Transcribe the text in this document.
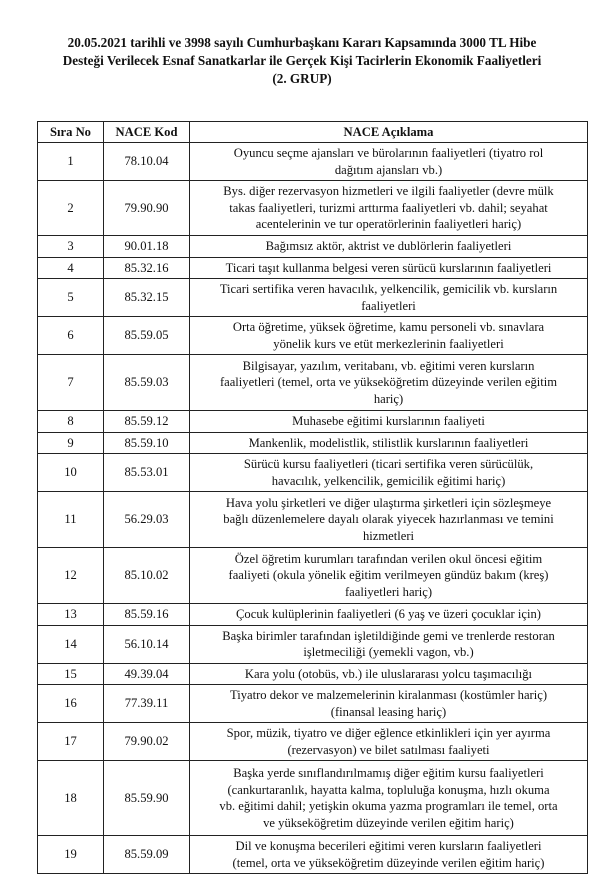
20.05.2021 tarihli ve 3998 sayılı Cumhurbaşkanı Kararı Kapsamında 3000 TL Hibe
Desteği Verilecek Esnaf Sanatkarlar ile Gerçek Kişi Tacirlerin Ekonomik Faaliyetleri
(2. GRUP)
Sıra No	NACE Kod	NACE Açıklama
1	78.10.04	Oyuncu seçme ajansları ve bürolarının faaliyetleri (tiyatro rol
dağıtım ajansları vb.)

2	79.90.90	Bys. diğer rezervasyon hizmetleri ve ilgili faaliyetler (devre mülk
takas faaliyetleri, turizmi arttırma faaliyetleri vb. dahil; seyahat
acentelerinin ve tur operatörlerinin faaliyetleri hariç)

3	90.01.18	Bağımsız aktör, aktrist ve dublörlerin faaliyetleri

4	85.32.16	Ticari taşıt kullanma belgesi veren sürücü kurslarının faaliyetleri

5	85.32.15	Ticari sertifika veren havacılık, yelkencilik, gemicilik vb. kursların
faaliyetleri

6	85.59.05	Orta öğretime, yüksek öğretime, kamu personeli vb. sınavlara
yönelik kurs ve etüt merkezlerinin faaliyetleri

7	85.59.03	Bilgisayar, yazılım, veritabanı, vb. eğitimi veren kursların
faaliyetleri (temel, orta ve yükseköğretim düzeyinde verilen eğitim
hariç)

8	85.59.12	Muhasebe eğitimi kurslarının faaliyeti

9	85.59.10	Mankenlik, modelistlik, stilistlik kurslarının faaliyetleri

10	85.53.01	Sürücü kursu faaliyetleri (ticari sertifika veren sürücülük,
havacılık, yelkencilik, gemicilik eğitimi hariç)

11	56.29.03	Hava yolu şirketleri ve diğer ulaştırma şirketleri için sözleşmeye
bağlı düzenlemelere dayalı olarak yiyecek hazırlanması ve temini
hizmetleri

12	85.10.02	Özel öğretim kurumları tarafından verilen okul öncesi eğitim
faaliyeti (okula yönelik eğitim verilmeyen gündüz bakım (kreş)
faaliyetleri hariç)

13	85.59.16	Çocuk kulüplerinin faaliyetleri (6 yaş ve üzeri çocuklar için)

14	56.10.14	Başka birimler tarafından işletildiğinde gemi ve trenlerde restoran
işletmeciliği (yemekli vagon, vb.)

15	49.39.04	Kara yolu (otobüs, vb.) ile uluslararası yolcu taşımacılığı

16	77.39.11	Tiyatro dekor ve malzemelerinin kiralanması (kostümler hariç)
(finansal leasing hariç)

17	79.90.02	Spor, müzik, tiyatro ve diğer eğlence etkinlikleri için yer ayırma
(rezervasyon) ve bilet satılması faaliyeti

18	85.59.90	Başka yerde sınıflandırılmamış diğer eğitim kursu faaliyetleri
(cankurtaranlık, hayatta kalma, topluluğa konuşma, hızlı okuma
vb. eğitimi dahil; yetişkin okuma yazma programları ile temel, orta
ve yükseköğretim düzeyinde verilen eğitim hariç)

19	85.59.09	Dil ve konuşma becerileri eğitimi veren kursların faaliyetleri
(temel, orta ve yükseköğretim düzeyinde verilen eğitim hariç)
